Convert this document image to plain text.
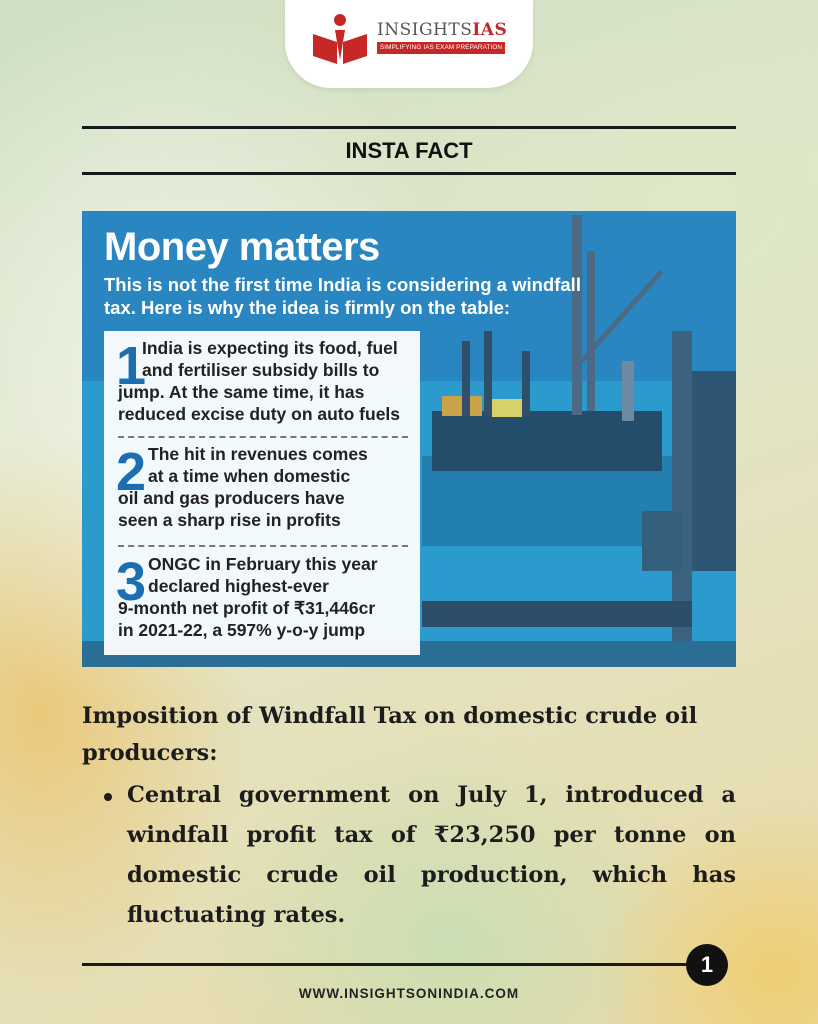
INSIGHTSIAS
SIMPLIFYING IAS EXAM PREPARATION
INSTA FACT
Money matters
This is not the first time India is considering a windfall tax. Here is why the idea is firmly on the table:
1
India is expecting its food, fuel
and fertiliser subsidy bills to
jump. At the same time, it has
reduced excise duty on auto fuels
2 The hit in revenues comes
at a time when domestic
oil and gas producers have
seen a sharp rise in profits
3 ONGC in February this year
declared highest-ever
9-month net profit of ₹31,446cr
in 2021-22, a 597% y-o-y jump
Imposition of Windfall Tax on domestic crude oil producers:
Central government on July 1, introduced a windfall profit tax of ₹23,250 per tonne on domestic crude oil production, which has fluctuating rates.
1
WWW.INSIGHTSONINDIA.COM
